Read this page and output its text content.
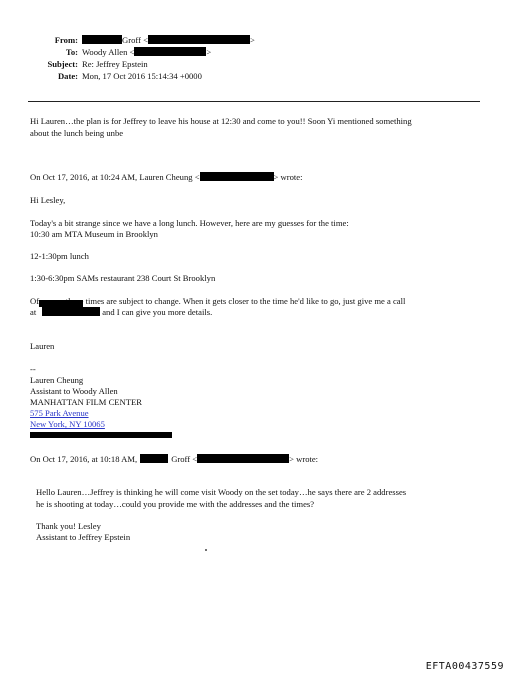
From:	Groff <	>
To: Woody Allen <	>
Subject: Re: Jeffrey Epstein
Date: Mon, 17 Oct 2016 15:14:34 +0000
Hi Lauren…the plan is for Jeffrey to leave his house at 12:30 and come to you!! Soon Yi mentioned something
about the lunch being unbe
On Oct 17, 2016, at 10:24 AM, Lauren Cheung <	> wrote:
Hi Lesley,
Today's a bit strange since we have a long lunch. However, here are my guesses for the time:
10:30 am MTA Museum in Brooklyn
12-1:30pm lunch
1:30-6:30pm SAMs restaurant 238 Court St Brooklyn
Of	times are subject to change. When it gets closer to the time he'd like to go, just give me a call
at	and I can give you more details.
Lauren
--
Lauren Cheung
Assistant to Woody Allen
MANHATTAN FILM CENTER
575 Park Avenue
New York, NY 10065
On Oct 17, 2016, at 10:18 AM,	Groff <	> wrote:
Hello Lauren…Jeffrey is thinking he will come visit Woody on the set today…he says there are 2 addresses
he is shooting at today…could you provide me with the addresses and the times?
Thank you! Lesley
Assistant to Jeffrey Epstein
EFTA00437559
